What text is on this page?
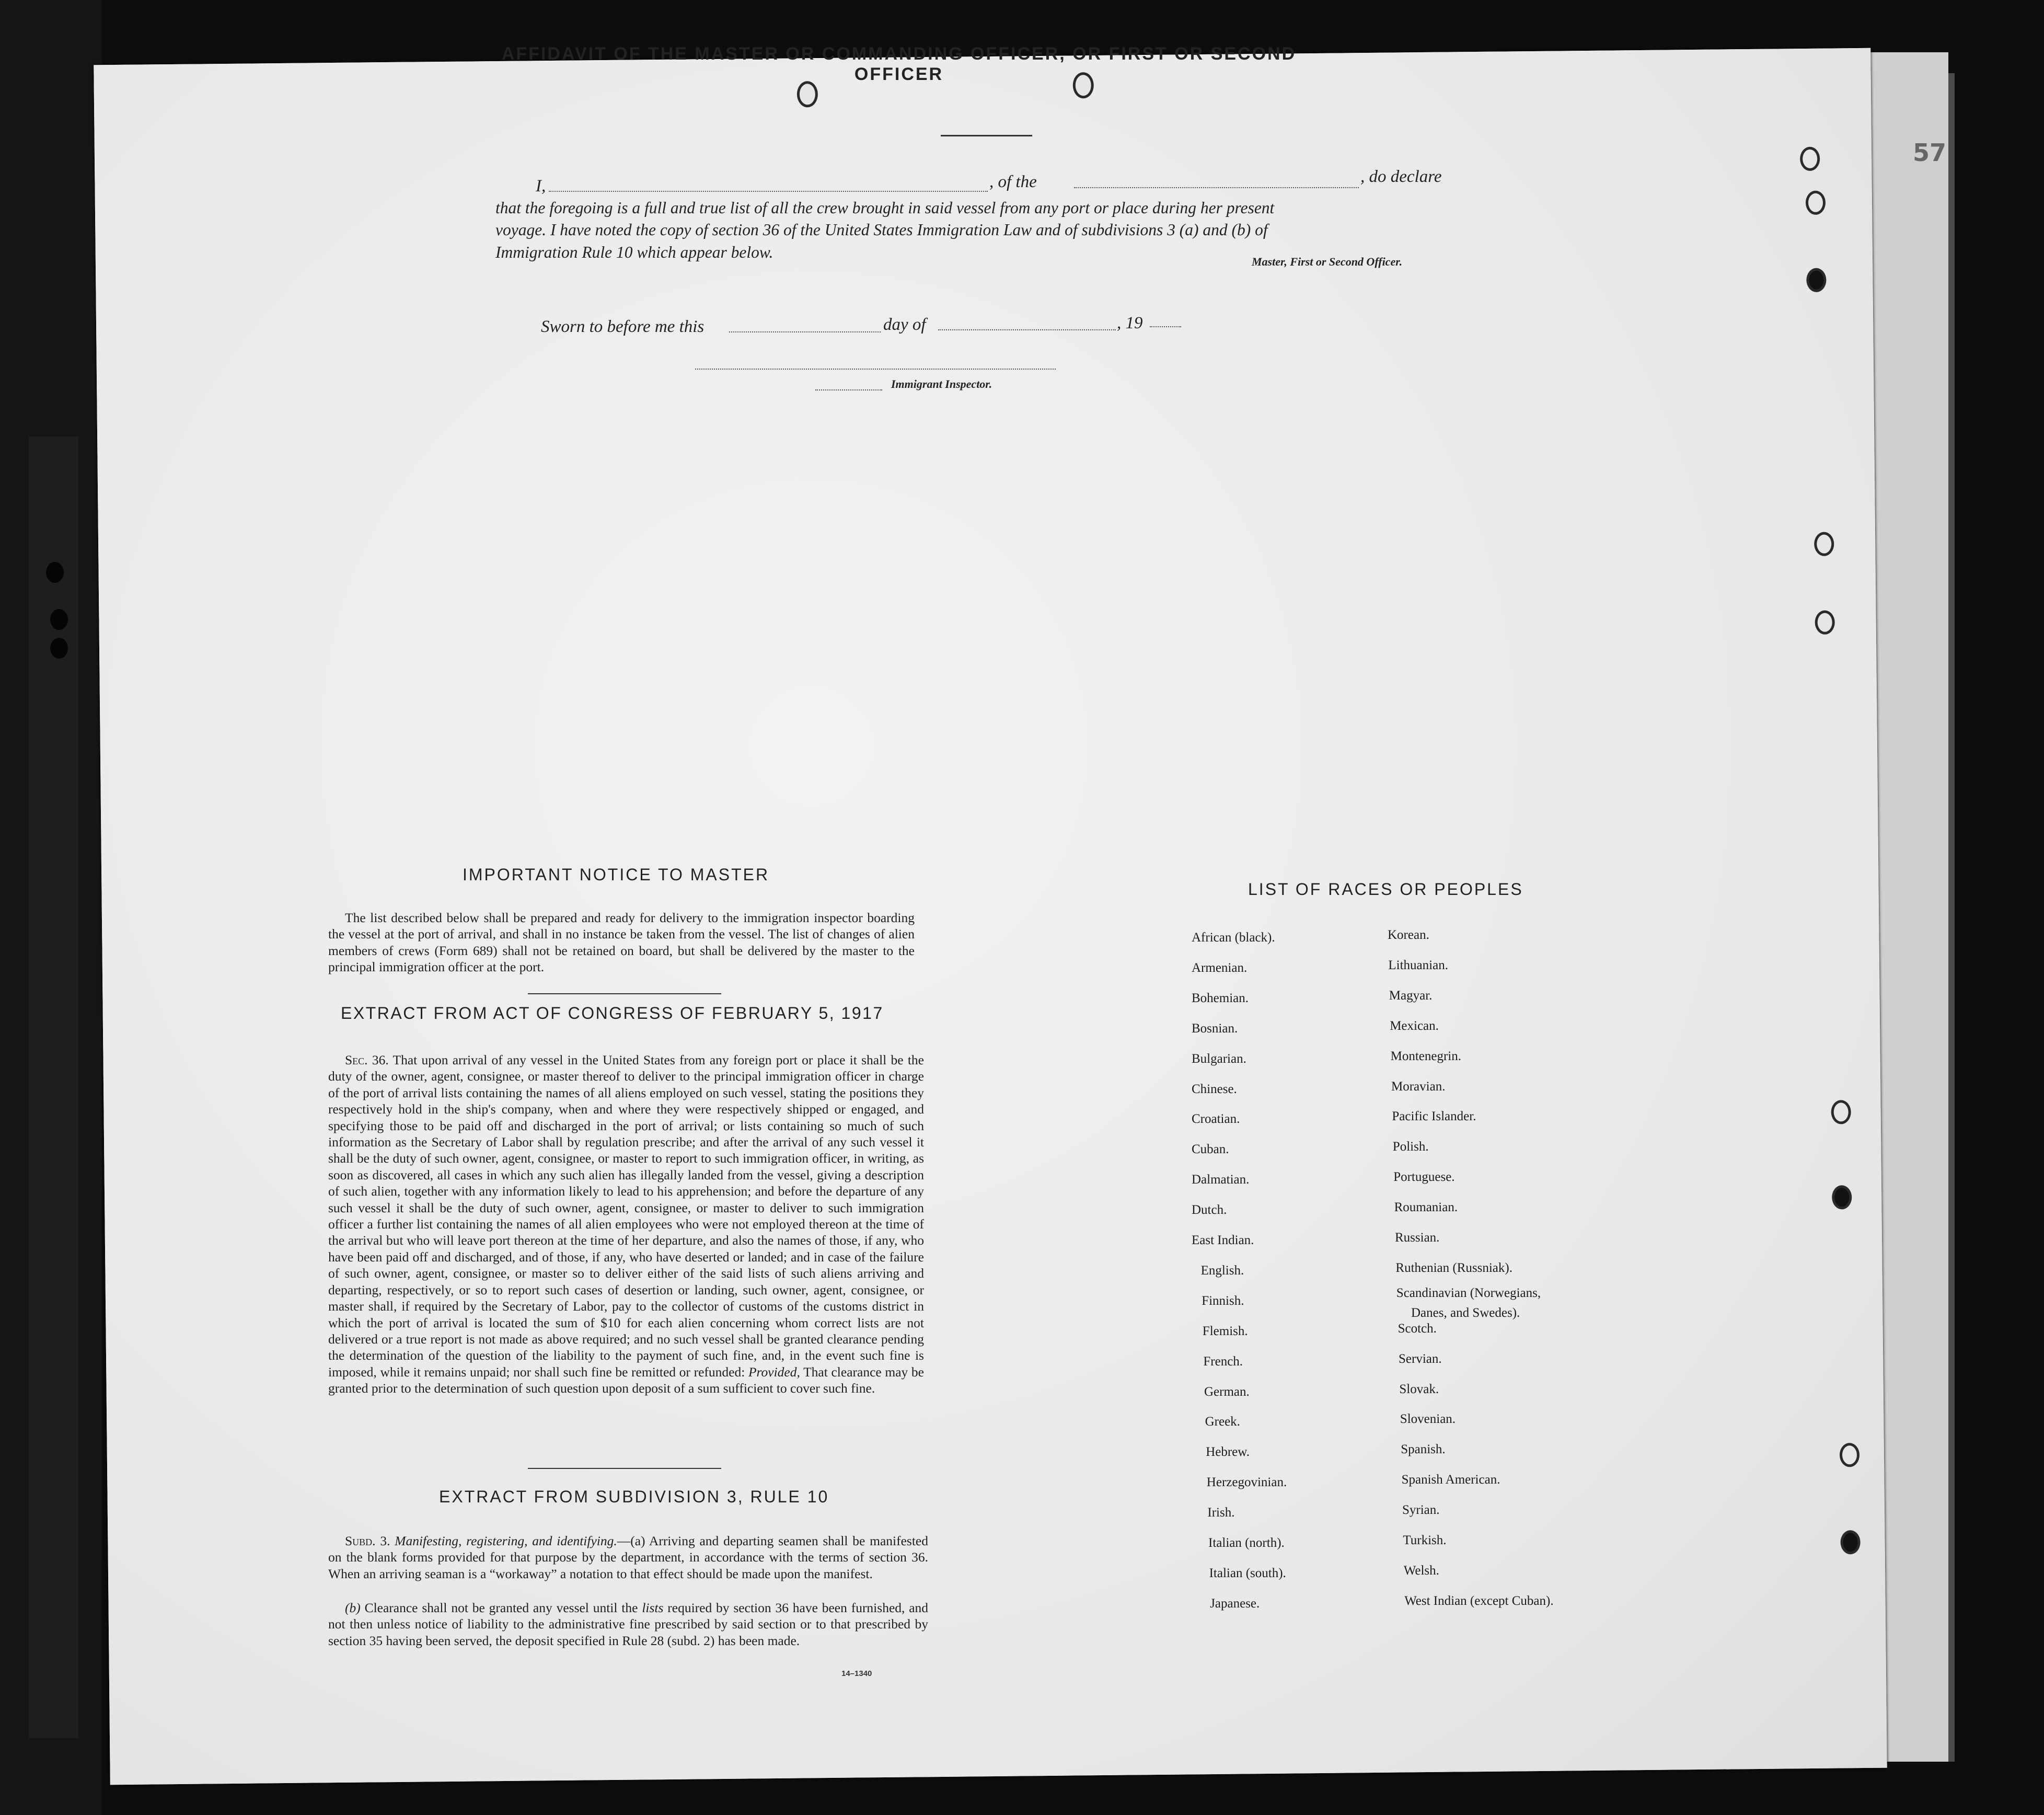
57
AFFIDAVIT OF THE MASTER OR COMMANDING OFFICER, OR FIRST OR SECOND OFFICER
I,	, of the	, do declare
that the foregoing is a full and true list of all the crew brought in said vessel from any port or place during her present
voyage. I have noted the copy of section 36 of the United States Immigration Law and of subdivisions 3 (a) and (b) of
Immigration Rule 10 which appear below.
Master, First or Second Officer.
Sworn to before me this	day of	, 19
Immigrant Inspector.
IMPORTANT NOTICE TO MASTER
The list described below shall be prepared and ready for delivery to the immigration inspector boarding the vessel at the port of arrival, and shall in no instance be taken from the vessel. The list of changes of alien members of crews (Form 689) shall not be retained on board, but shall be delivered by the master to the principal immigration officer at the port.
EXTRACT FROM ACT OF CONGRESS OF FEBRUARY 5, 1917
Sec. 36. That upon arrival of any vessel in the United States from any foreign port or place it shall be the duty of the owner, agent, consignee, or master thereof to deliver to the principal immigration officer in charge of the port of arrival lists containing the names of all aliens employed on such vessel, stating the positions they respectively hold in the ship's company, when and where they were respectively shipped or engaged, and specifying those to be paid off and discharged in the port of arrival; or lists containing so much of such information as the Secretary of Labor shall by regulation prescribe; and after the arrival of any such vessel it shall be the duty of such owner, agent, consignee, or master to report to such immigration officer, in writing, as soon as discovered, all cases in which any such alien has illegally landed from the vessel, giving a description of such alien, together with any information likely to lead to his apprehension; and before the departure of any such vessel it shall be the duty of such owner, agent, consignee, or master to deliver to such immigration officer a further list containing the names of all alien employees who were not employed thereon at the time of the arrival but who will leave port thereon at the time of her departure, and also the names of those, if any, who have been paid off and discharged, and of those, if any, who have deserted or landed; and in case of the failure of such owner, agent, consignee, or master so to deliver either of the said lists of such aliens arriving and departing, respectively, or so to report such cases of desertion or landing, such owner, agent, consignee, or master shall, if required by the Secretary of Labor, pay to the collector of customs of the customs district in which the port of arrival is located the sum of $10 for each alien concerning whom correct lists are not delivered or a true report is not made as above required; and no such vessel shall be granted clearance pending the determination of the question of the liability to the payment of such fine, and, in the event such fine is imposed, while it remains unpaid; nor shall such fine be remitted or refunded: Provided, That clearance may be granted prior to the determination of such question upon deposit of a sum sufficient to cover such fine.
EXTRACT FROM SUBDIVISION 3, RULE 10
Subd. 3. Manifesting, registering, and identifying.—(a) Arriving and departing seamen shall be manifested on the blank forms provided for that purpose by the department, in accordance with the terms of section 36. When an arriving seaman is a “workaway” a notation to that effect should be made upon the manifest.
(b) Clearance shall not be granted any vessel until the lists required by section 36 have been furnished, and not then unless notice of liability to the administrative fine prescribed by said section or to that prescribed by section 35 having been served, the deposit specified in Rule 28 (subd. 2) has been made.
14–1340
LIST OF RACES OR PEOPLES
African (black).
Armenian.
Bohemian.
Bosnian.
Bulgarian.
Chinese.
Croatian.
Cuban.
Dalmatian.
Dutch.
East Indian.
English.
Finnish.
Flemish.
French.
German.
Greek.
Hebrew.
Herzegovinian.
Irish.
Italian (north).
Italian (south).
Japanese.
Korean.
Lithuanian.
Magyar.
Mexican.
Montenegrin.
Moravian.
Pacific Islander.
Polish.
Portuguese.
Roumanian.
Russian.
Ruthenian (Russniak).
Scandinavian (Norwegians,
Danes, and Swedes).
Scotch.
Servian.
Slovak.
Slovenian.
Spanish.
Spanish American.
Syrian.
Turkish.
Welsh.
West Indian (except Cuban).
